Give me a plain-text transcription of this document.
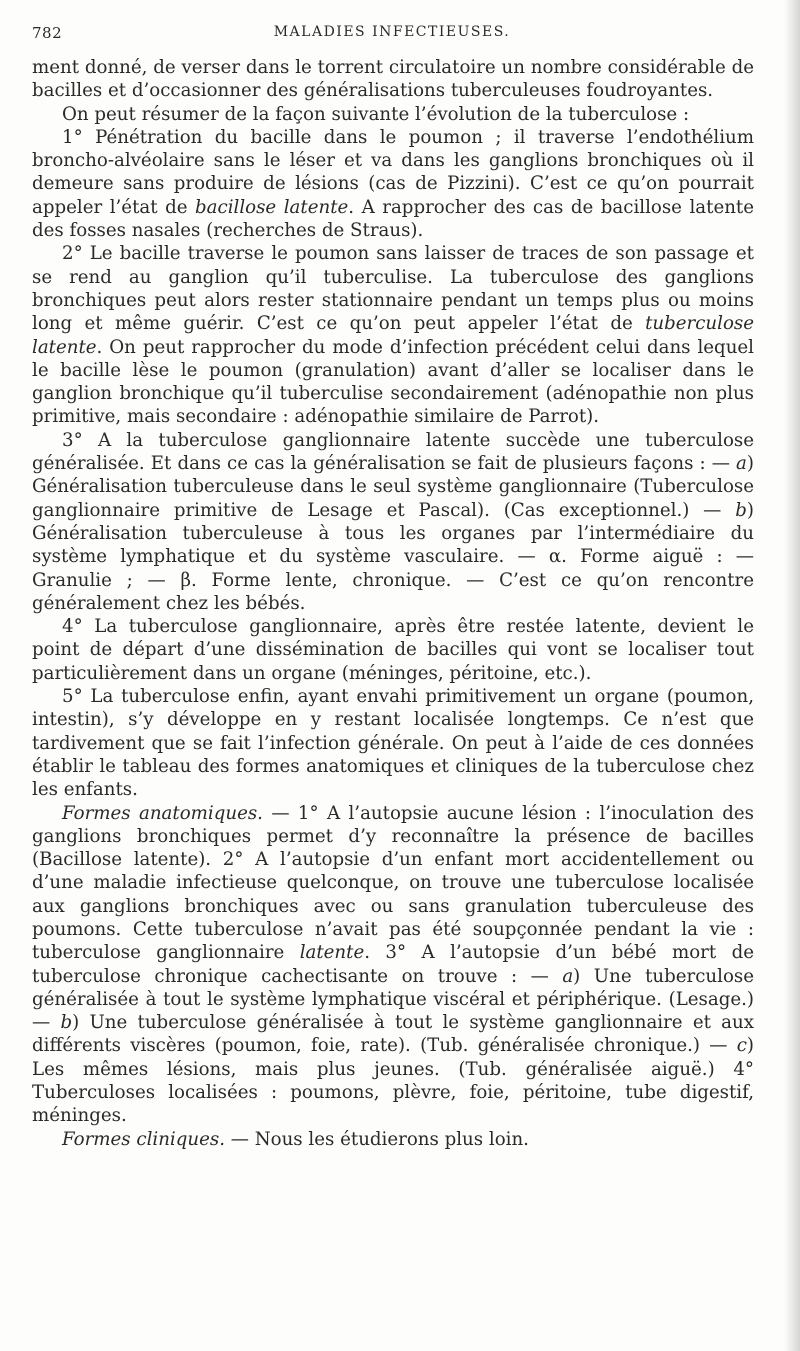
782	MALADIES INFECTIEUSES.

ment donné, de verser dans le torrent circulatoire un nombre considérable de bacilles et d’occasionner des généralisations tuberculeuses foudroyantes.

On peut résumer de la façon suivante l’évolution de la tuberculose :

1° Pénétration du bacille dans le poumon ; il traverse l’endothélium broncho-alvéolaire sans le léser et va dans les ganglions bronchiques où il demeure sans produire de lésions (cas de Pizzini). C’est ce qu’on pourrait appeler l’état de bacillose latente. A rapprocher des cas de bacillose latente des fosses nasales (recherches de Straus).

2° Le bacille traverse le poumon sans laisser de traces de son passage et se rend au ganglion qu’il tuberculise. La tuberculose des ganglions bronchiques peut alors rester stationnaire pendant un temps plus ou moins long et même guérir. C’est ce qu’on peut appeler l’état de tuberculose latente. On peut rapprocher du mode d’infection précédent celui dans lequel le bacille lèse le poumon (granulation) avant d’aller se localiser dans le ganglion bronchique qu’il tuberculise secondairement (adénopathie non plus primitive, mais secondaire : adénopathie similaire de Parrot).

3° A la tuberculose ganglionnaire latente succède une tuberculose généralisée. Et dans ce cas la généralisation se fait de plusieurs façons : — a) Généralisation tuberculeuse dans le seul système ganglionnaire (Tuberculose ganglionnaire primitive de Lesage et Pascal). (Cas exceptionnel.) — b) Généralisation tuberculeuse à tous les organes par l’intermédiaire du système lymphatique et du système vasculaire. — α. Forme aiguë : — Granulie ; — β. Forme lente, chronique. — C’est ce qu’on rencontre généralement chez les bébés.

4° La tuberculose ganglionnaire, après être restée latente, devient le point de départ d’une dissémination de bacilles qui vont se localiser tout particulièrement dans un organe (méninges, péritoine, etc.).

5° La tuberculose enfin, ayant envahi primitivement un organe (poumon, intestin), s’y développe en y restant localisée longtemps. Ce n’est que tardivement que se fait l’infection générale. On peut à l’aide de ces données établir le tableau des formes anatomiques et cliniques de la tuberculose chez les enfants.

Formes anatomiques. — 1° A l’autopsie aucune lésion : l’inoculation des ganglions bronchiques permet d’y reconnaître la présence de bacilles (Bacillose latente). 2° A l’autopsie d’un enfant mort accidentellement ou d’une maladie infectieuse quelconque, on trouve une tuberculose localisée aux ganglions bronchiques avec ou sans granulation tuberculeuse des poumons. Cette tuberculose n’avait pas été soupçonnée pendant la vie : tuberculose ganglionnaire latente. 3° A l’autopsie d’un bébé mort de tuberculose chronique cachectisante on trouve : — a) Une tuberculose généralisée à tout le système lymphatique viscéral et périphérique. (Lesage.) — b) Une tuberculose généralisée à tout le système ganglionnaire et aux différents viscères (poumon, foie, rate). (Tub. généralisée chronique.) — c) Les mêmes lésions, mais plus jeunes. (Tub. généralisée aiguë.) 4° Tuberculoses localisées : poumons, plèvre, foie, péritoine, tube digestif, méninges.

Formes cliniques. — Nous les étudierons plus loin.
